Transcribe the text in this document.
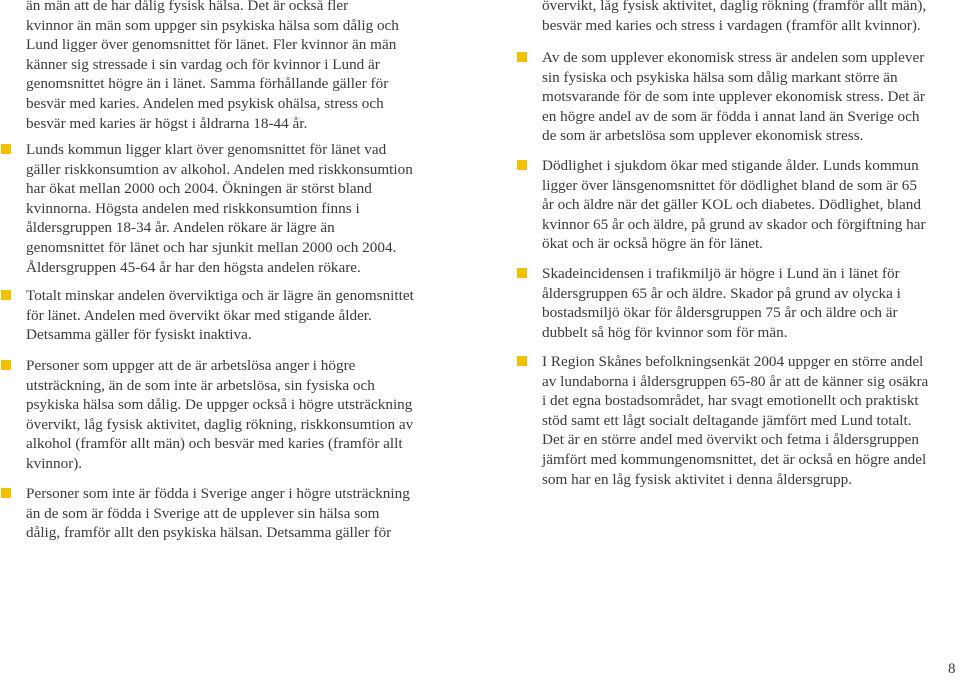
än män att de har dålig fysisk hälsa. Det är också fler

kvinnor än män som uppger sin psykiska hälsa som dålig och

Lund ligger över genomsnittet för länet. Fler kvinnor än män

känner sig stressade i sin vardag och för kvinnor i Lund är

genomsnittet högre än i länet. Samma förhållande gäller för

besvär med karies. Andelen med psykisk ohälsa, stress och

besvär med karies är högst i åldrarna 18-44 år.

Lunds kommun ligger klart över genomsnittet för länet vad

gäller riskkonsumtion av alkohol. Andelen med riskkonsumtion

har ökat mellan 2000 och 2004. Ökningen är störst bland

kvinnorna. Högsta andelen med riskkonsumtion finns i

åldersgruppen 18-34 år. Andelen rökare är lägre än

genomsnittet för länet och har sjunkit mellan 2000 och 2004.

Åldersgruppen 45-64 år har den högsta andelen rökare.

Totalt minskar andelen överviktiga och är lägre än genomsnittet

för länet. Andelen med övervikt ökar med stigande ålder.

Detsamma gäller för fysiskt inaktiva.

Personer som uppger att de är arbetslösa anger i högre

utsträckning, än de som inte är arbetslösa, sin fysiska och

psykiska hälsa som dålig. De uppger också i högre utsträckning

övervikt, låg fysisk aktivitet, daglig rökning, riskkonsumtion av

alkohol (framför allt män) och besvär med karies (framför allt

kvinnor).

Personer som inte är födda i Sverige anger i högre utsträckning

än de som är födda i Sverige att de upplever sin hälsa som

dålig, framför allt den psykiska hälsan. Detsamma gäller för

övervikt, låg fysisk aktivitet, daglig rökning (framför allt män),

besvär med karies och stress i vardagen (framför allt kvinnor).

Av de som upplever ekonomisk stress är andelen som upplever

sin fysiska och psykiska hälsa som dålig markant större än

motsvarande för de som inte upplever ekonomisk stress. Det är

en högre andel av de som är födda i annat land än Sverige och

de som är arbetslösa som upplever ekonomisk stress.

Dödlighet i sjukdom ökar med stigande ålder. Lunds kommun

ligger över länsgenomsnittet för dödlighet bland de som är 65

år och äldre när det gäller KOL och diabetes. Dödlighet, bland

kvinnor 65 år och äldre, på grund av skador och förgiftning har

ökat och är också högre än för länet.

Skadeincidensen i trafikmiljö är högre i Lund än i länet för

åldersgruppen 65 år och äldre. Skador på grund av olycka i

bostadsmiljö ökar för åldersgruppen 75 år och äldre och är

dubbelt så hög för kvinnor som för män.

I Region Skånes befolkningsenkät 2004 uppger en större andel

av lundaborna i åldersgruppen 65-80 år att de känner sig osäkra

i det egna bostadsområdet, har svagt emotionellt och praktiskt

stöd samt ett lågt socialt deltagande jämfört med Lund totalt.

Det är en större andel med övervikt och fetma i åldersgruppen

jämfört med kommungenomsnittet, det är också en högre andel

som har en låg fysisk aktivitet i denna åldersgrupp.

8
